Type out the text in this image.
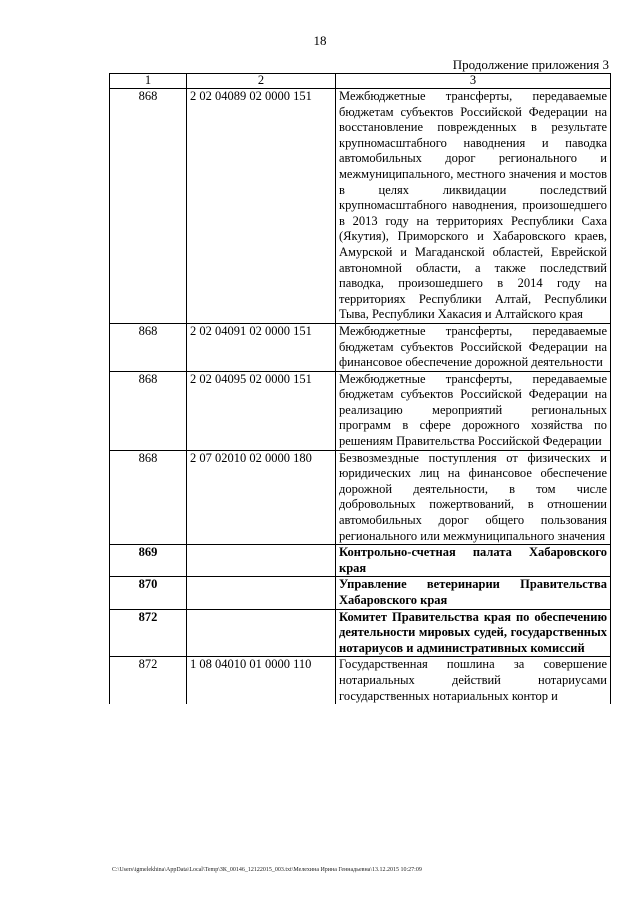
18
Продолжение приложения 3
1	2	3
868	2 02 04089 02 0000 151	Межбюджетные трансферты, передаваемые бюджетам субъектов Российской Федерации на восстановление поврежденных в результате крупномасштабного наводнения и паводка автомобильных дорог регионального и межмуниципального, местного значения и мостов в целях ликвидации последствий крупномасштабного наводнения, произошедшего в 2013 году на территориях Республики Саха (Якутия), Приморского и Хабаровского краев, Амурской и Магаданской областей, Еврейской автономной области, а также последствий паводка, произошедшего в 2014 году на территориях Республики Алтай, Республики Тыва, Республики Хакасия и Алтайского края
868	2 02 04091 02 0000 151	Межбюджетные трансферты, передаваемые бюджетам субъектов Российской Федерации на финансовое обеспечение дорожной деятельности
868	2 02 04095 02 0000 151	Межбюджетные трансферты, передаваемые бюджетам субъектов Российской Федерации на реализацию мероприятий региональных программ в сфере дорожного хозяйства по решениям Правительства Российской Федерации
868	2 07 02010 02 0000 180	Безвозмездные поступления от физических и юридических лиц на финансовое обеспечение дорожной деятельности, в том числе добровольных пожертвований, в отношении автомобильных дорог общего пользования регионального или межмуниципального значения
869		Контрольно-счетная палата Хабаровского края
870		Управление ветеринарии Правительства Хабаровского края
872		Комитет Правительства края по обеспечению деятельности мировых судей, государственных нотариусов и административных комиссий
872	1 08 04010 01 0000 110	Государственная пошлина за совершение нотариальных действий нотариусами государственных нотариальных контор и
C:\Users\igmelekhina\AppData\Local\Temp\ЗК_00146_12122015_003.txt\Мелехина Ирина Геннадьевна\13.12.2015 10:27:09
